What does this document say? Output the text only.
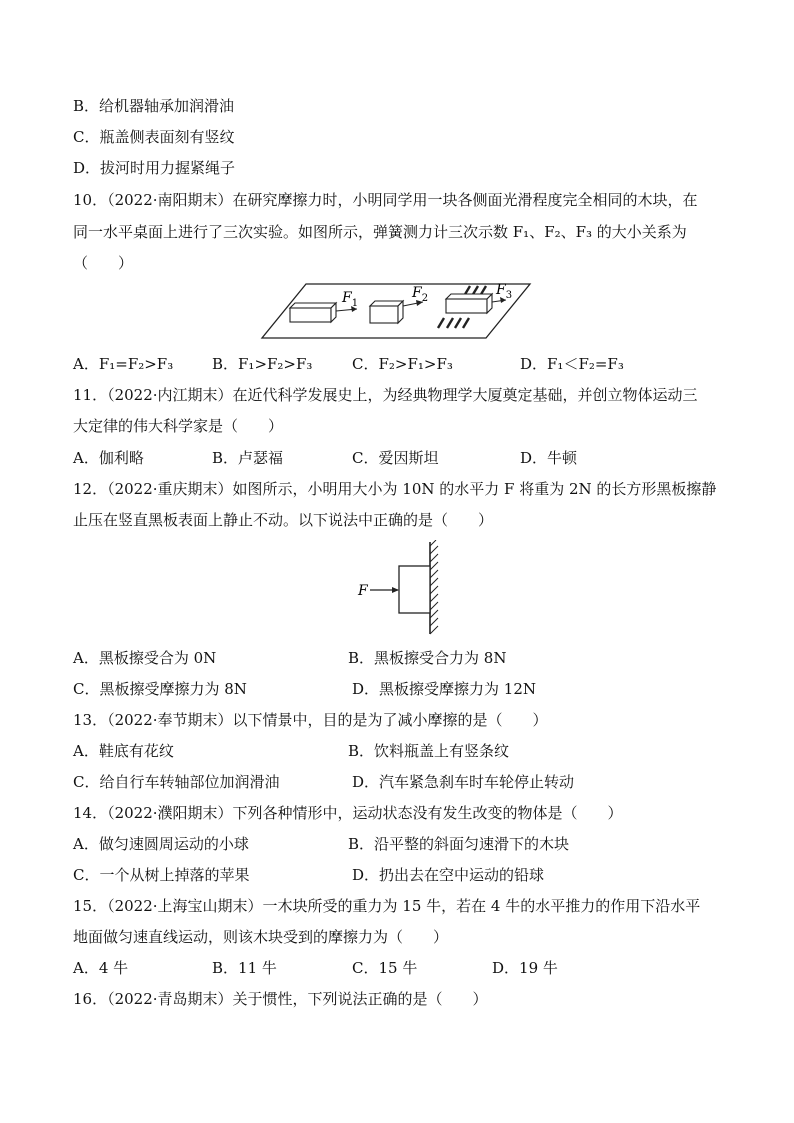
B．给机器轴承加润滑油
C．瓶盖侧表面刻有竖纹
D．拔河时用力握紧绳子
10．（2022·南阳期末）在研究摩擦力时，小明同学用一块各侧面光滑程度完全相同的木块，在
同一水平桌面上进行了三次实验。如图所示，弹簧测力计三次示数 F₁、F₂、F₃ 的大小关系为
（　　）
$F_1$
$F_2$
$F_3$
A．F₁=F₂>F₃	B．F₁>F₂>F₃	C．F₂>F₁>F₃	D．F₁＜F₂=F₃
11．（2022·内江期末）在近代科学发展史上，为经典物理学大厦奠定基础，并创立物体运动三
大定律的伟大科学家是（　　）
A．伽利略	B．卢瑟福	C．爱因斯坦	D．牛顿
12．（2022·重庆期末）如图所示，小明用大小为 10N 的水平力 F 将重为 2N 的长方形黑板擦静
止压在竖直黑板表面上静止不动。以下说法中正确的是（　　）
F
A．黑板擦受合为 0N	B．黑板擦受合力为 8N
C．黑板擦受摩擦力为 8N	D．黑板擦受摩擦力为 12N
13．（2022·奉节期末）以下情景中，目的是为了减小摩擦的是（　　）
A．鞋底有花纹	B．饮料瓶盖上有竖条纹
C．给自行车转轴部位加润滑油	D．汽车紧急刹车时车轮停止转动
14．（2022·濮阳期末）下列各种情形中，运动状态没有发生改变的物体是（　　）
A．做匀速圆周运动的小球	B．沿平整的斜面匀速滑下的木块
C．一个从树上掉落的苹果	D．扔出去在空中运动的铅球
15．（2022·上海宝山期末）一木块所受的重力为 15 牛，若在 4 牛的水平推力的作用下沿水平
地面做匀速直线运动，则该木块受到的摩擦力为（　　）
A．4 牛	B．11 牛	C．15 牛	D．19 牛
16．（2022·青岛期末）关于惯性，下列说法正确的是（　　）
